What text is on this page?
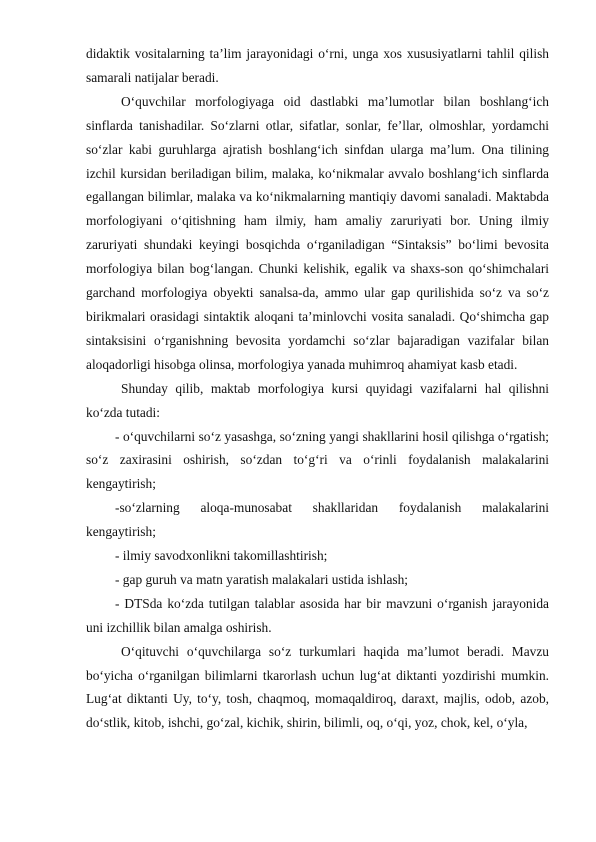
didaktik vositalarning ta’lim jarayonidagi o‘rni, unga xos xususiyatlarni tahlil qilish samarali natijalar beradi.

O‘quvchilar morfologiyaga oid dastlabki ma’lumotlar bilan boshlang‘ich sinflarda tanishadilar. So‘zlarni otlar, sifatlar, sonlar, fe’llar, olmoshlar, yordamchi so‘zlar kabi guruhlarga ajratish boshlang‘ich sinfdan ularga ma’lum. Ona tilining izchil kursidan beriladigan bilim, malaka, ko‘nikmalar avvalo boshlang‘ich sinflarda egallangan bilimlar, malaka va ko‘nikmalarning mantiqiy davomi sanaladi. Maktabda morfologiyani o‘qitishning ham ilmiy, ham amaliy zaruriyati bor. Uning ilmiy zaruriyati shundaki keyingi bosqichda o‘rganiladigan “Sintaksis” bo‘limi bevosita morfologiya bilan bog‘langan. Chunki kelishik, egalik va shaxs-son qo‘shimchalari garchand morfologiya obyekti sanalsa-da, ammo ular gap qurilishida so‘z va so‘z birikmalari orasidagi sintaktik aloqani ta’minlovchi vosita sanaladi. Qo‘shimcha gap sintaksisini o‘rganishning bevosita yordamchi so‘zlar bajaradigan vazifalar bilan aloqadorligi hisobga olinsa, morfologiya yanada muhimroq ahamiyat kasb etadi.

Shunday qilib, maktab morfologiya kursi quyidagi vazifalarni hal qilishni ko‘zda tutadi:

- o‘quvchilarni so‘z yasashga, so‘zning yangi shakllarini hosil qilishga o‘rgatish; so‘z zaxirasini oshirish, so‘zdan to‘g‘ri va o‘rinli foydalanish malakalarini kengaytirish;

-so‘zlarning aloqa-munosabat shakllaridan foydalanish malakalarini kengaytirish;

- ilmiy savodxonlikni takomillashtirish;

- gap guruh va matn yaratish malakalari ustida ishlash;

- DTSda ko‘zda tutilgan talablar asosida har bir mavzuni o‘rganish jarayonida uni izchillik bilan amalga oshirish.

O‘qituvchi o‘quvchilarga so‘z turkumlari haqida ma’lumot beradi. Mavzu bo‘yicha o‘rganilgan bilimlarni tkarorlash uchun lug‘at diktanti yozdirishi mumkin. Lug‘at diktanti Uy, to‘y, tosh, chaqmoq, momaqaldiroq, daraxt, majlis, odob, azob, do‘stlik, kitob, ishchi, go‘zal, kichik, shirin, bilimli, oq, o‘qi, yoz, chok, kel, o‘yla,
